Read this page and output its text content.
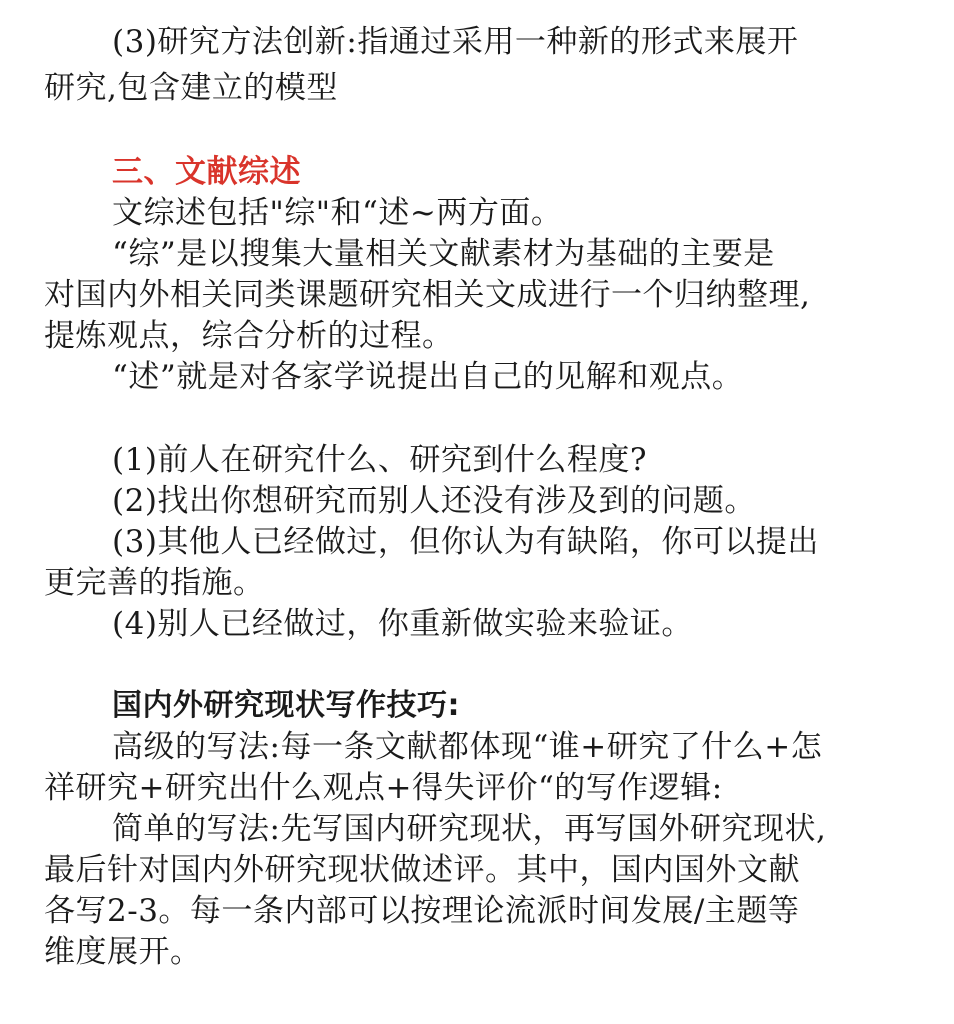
(3)研究方法创新:指通过采用一种新的形式来展开
研究,包含建立的模型
三、文献综述
文综述包括"综"和“述~两方面。
“综”是以搜集大量相关文献素材为基础的主要是
对国内外相关同类课题研究相关文成进行一个归纳整理,
提炼观点，综合分析的过程。
“述”就是对各家学说提出自己的见解和观点。
(1)前人在研究什么、研究到什么程度?
(2)找出你想研究而别人还没有涉及到的问题。
(3)其他人已经做过，但你认为有缺陷，你可以提出
更完善的指施。
(4)别人已经做过，你重新做实验来验证。
国内外研究现状写作技巧:
高级的写法:每一条文献都体现“谁+研究了什么+怎
祥研究+研究出什么观点+得失评价“的写作逻辑:
简单的写法:先写国内研究现状，再写国外研究现状,
最后针对国内外研究现状做述评。其中，国内国外文献
各写2-3。每一条内部可以按理论流派时间发展/主题等
维度展开。
